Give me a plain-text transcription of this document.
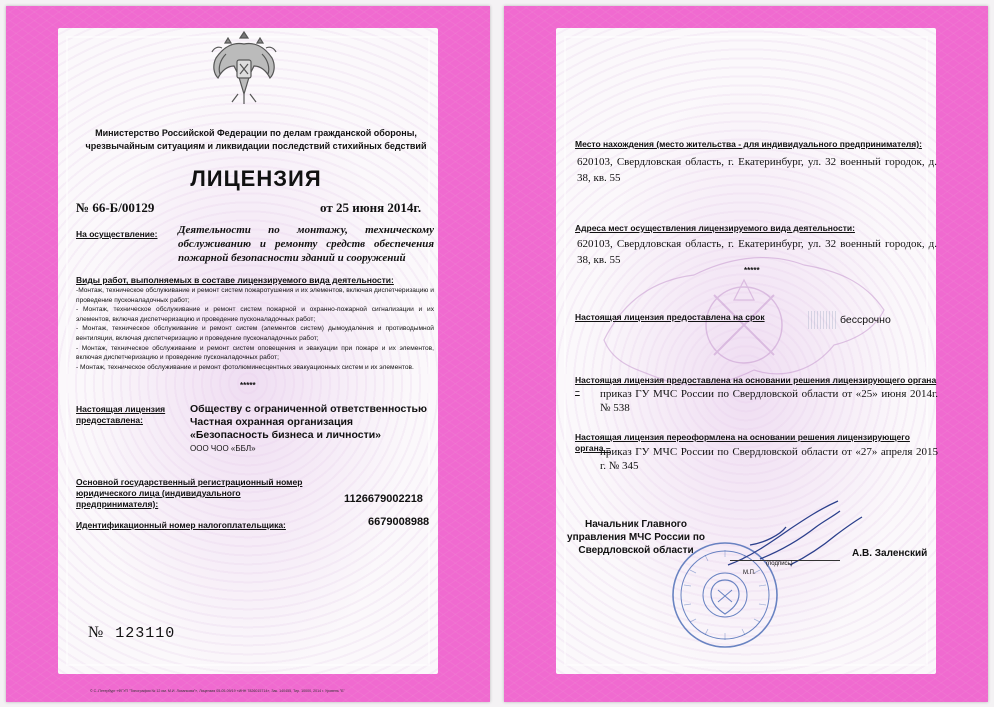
Министерство Российской Федерации по делам гражданской обороны, чрезвычайным ситуациям и ликвидации последствий стихийных бедствий
ЛИЦЕНЗИЯ
№ 66-Б/00129	от 25 июня 2014г.
На осуществление: Деятельности по монтажу, техническому обслуживанию и ремонту средств обеспечения пожарной безопасности зданий и сооружений
Виды работ, выполняемых в составе лицензируемого вида деятельности:
-Монтаж, техническое обслуживание и ремонт систем пожаротушения и их элементов, включая диспетчеризацию и проведение пусконаладочных работ;
- Монтаж, техническое обслуживание и ремонт систем пожарной и охранно-пожарной сигнализации и их элементов, включая диспетчеризацию и проведение пусконаладочных работ;
- Монтаж, техническое обслуживание и ремонт систем (элементов систем) дымоудаления и противодымной вентиляции, включая диспетчеризацию и проведение пусконаладочных работ;
- Монтаж, техническое обслуживание и ремонт систем оповещения и эвакуации при пожаре и их элементов, включая диспетчеризацию и проведение пусконаладочных работ;
- Монтаж, техническое обслуживание и ремонт фотолюминесцентных эвакуационных систем и их элементов.
*****
Настоящая лицензия предоставлена:
Обществу с ограниченной ответственностью
Частная охранная организация
«Безопасность бизнеса и личности»
ООО ЧОО «ББЛ»
Основной государственный регистрационный номер юридического лица (индивидуального предпринимателя):	1126679002218
Идентификационный номер налогоплательщика:	6679008988
№ 123110
© С.-Петербург «ФГУП "Типография № 12 им. М.И. Лоханкова"», Лицензия 05-05-09/19 «ИНН 7826015714», Зак. 140455, Тир. 10000, 2014 г. Уровень "Б"
Место нахождения (место жительства - для индивидуального предпринимателя):
620103, Свердловская область, г. Екатеринбург, ул. 32 военный городок, д. 38, кв. 55
Адреса мест осуществления лицензируемого вида деятельности:
620103, Свердловская область, г. Екатеринбург, ул. 32 военный городок, д. 38, кв. 55
*****
Настоящая лицензия предоставлена на срок	бессрочно
Настоящая лицензия предоставлена на основании решения лицензирующего органа –	приказ ГУ МЧС России по Свердловской области от «25» июня 2014г. № 538
Настоящая лицензия переоформлена на основании решения лицензирующего органа –
приказ ГУ МЧС России по Свердловской области от «27» апреля 2015 г. № 345
Начальник Главного управления МЧС России по Свердловской области
(подпись)
М.П.
А.В. Заленский
